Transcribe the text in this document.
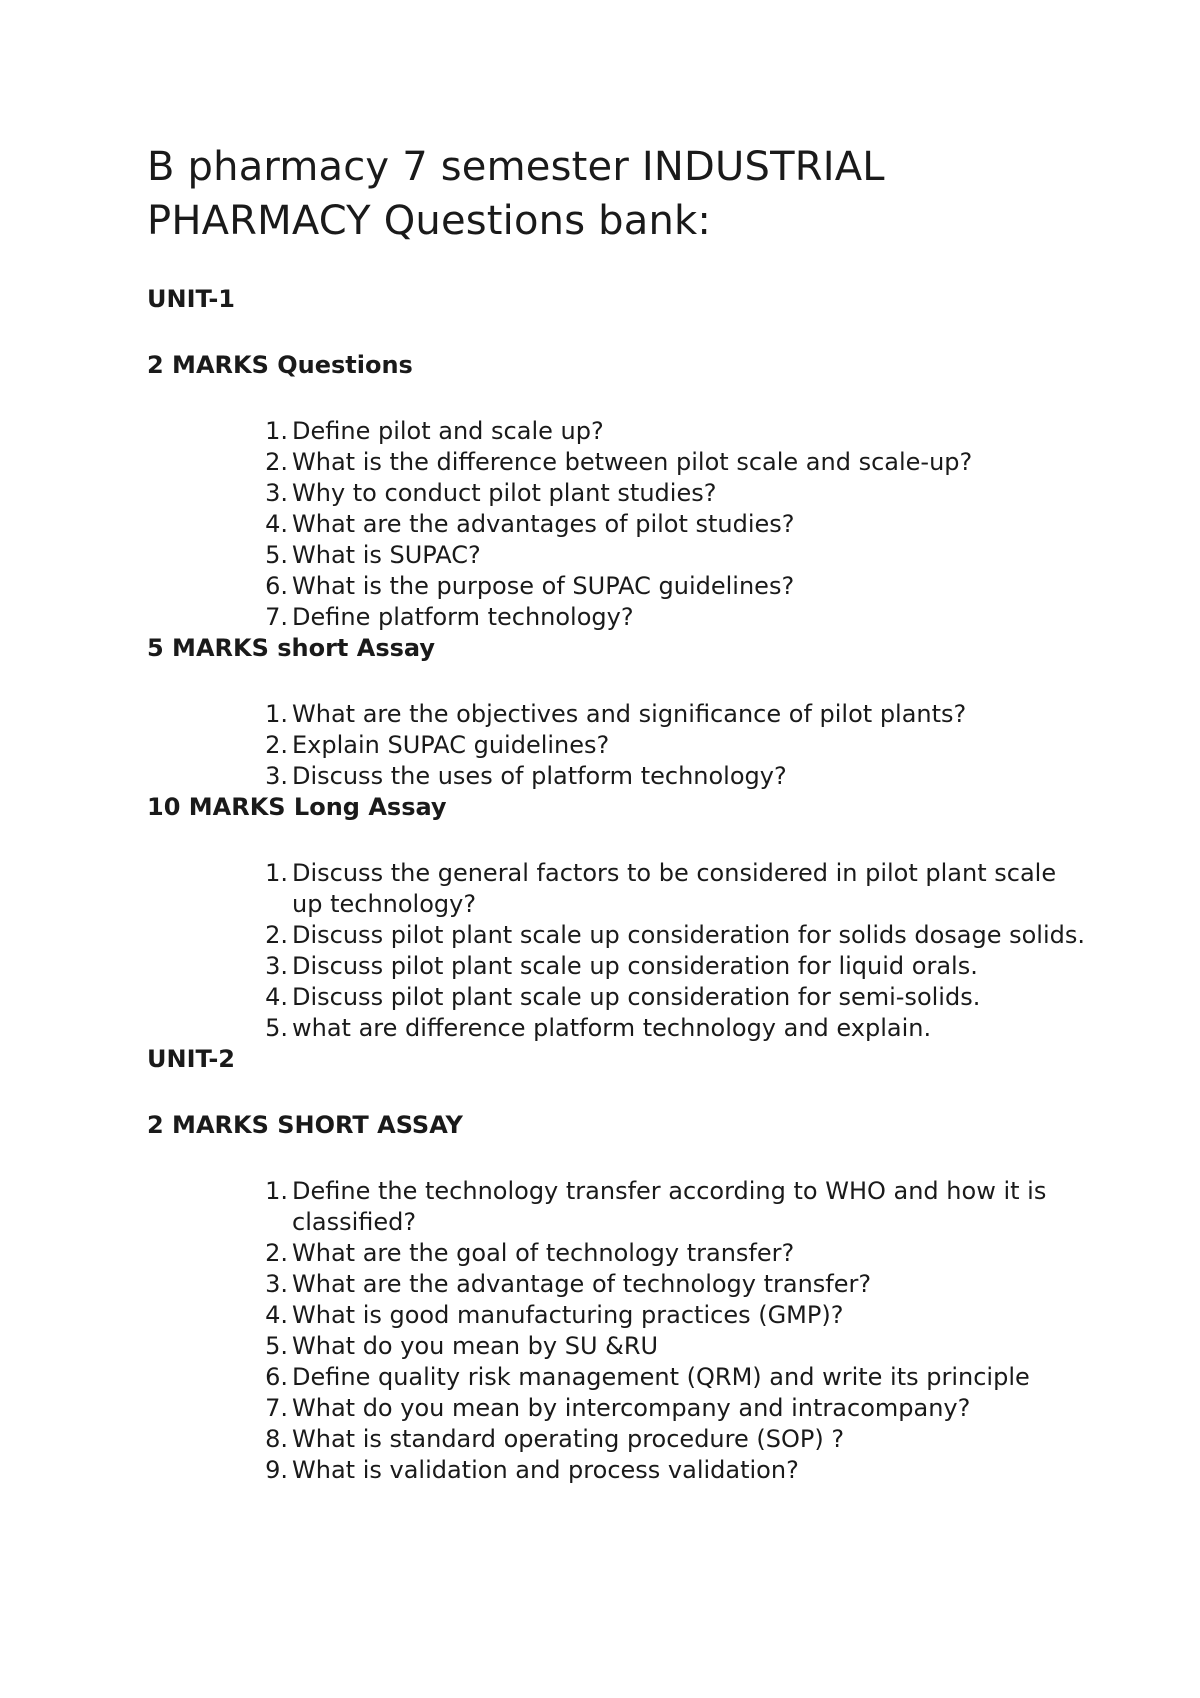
B pharmacy 7 semester INDUSTRIAL PHARMACY Questions bank:
UNIT-1
2 MARKS Questions
1. Define pilot and scale up?
2. What is the difference between pilot scale and scale-up?
3. Why to conduct pilot plant studies?
4. What are the advantages of pilot studies?
5. What is SUPAC?
6. What is the purpose of SUPAC guidelines?
7. Define platform technology?
5 MARKS short Assay
1. What are the objectives and significance of pilot plants?
2. Explain SUPAC guidelines?
3. Discuss the uses of platform technology?
10 MARKS Long Assay
1. Discuss the general factors to be considered in pilot plant scale up technology?
2. Discuss pilot plant scale up consideration for solids dosage solids.
3. Discuss pilot plant scale up consideration for liquid orals.
4. Discuss pilot plant scale up consideration for semi-solids.
5. what are difference platform technology and explain.
UNIT-2
2 MARKS SHORT ASSAY
1. Define the technology transfer according to WHO and how it is classified?
2. What are the goal of technology transfer?
3. What are the advantage of technology transfer?
4. What is good manufacturing practices (GMP)?
5. What do you mean by SU &RU
6. Define quality risk management (QRM) and write its principle
7. What do you mean by intercompany and intracompany?
8. What is standard operating procedure (SOP) ?
9. What is validation and process validation?
